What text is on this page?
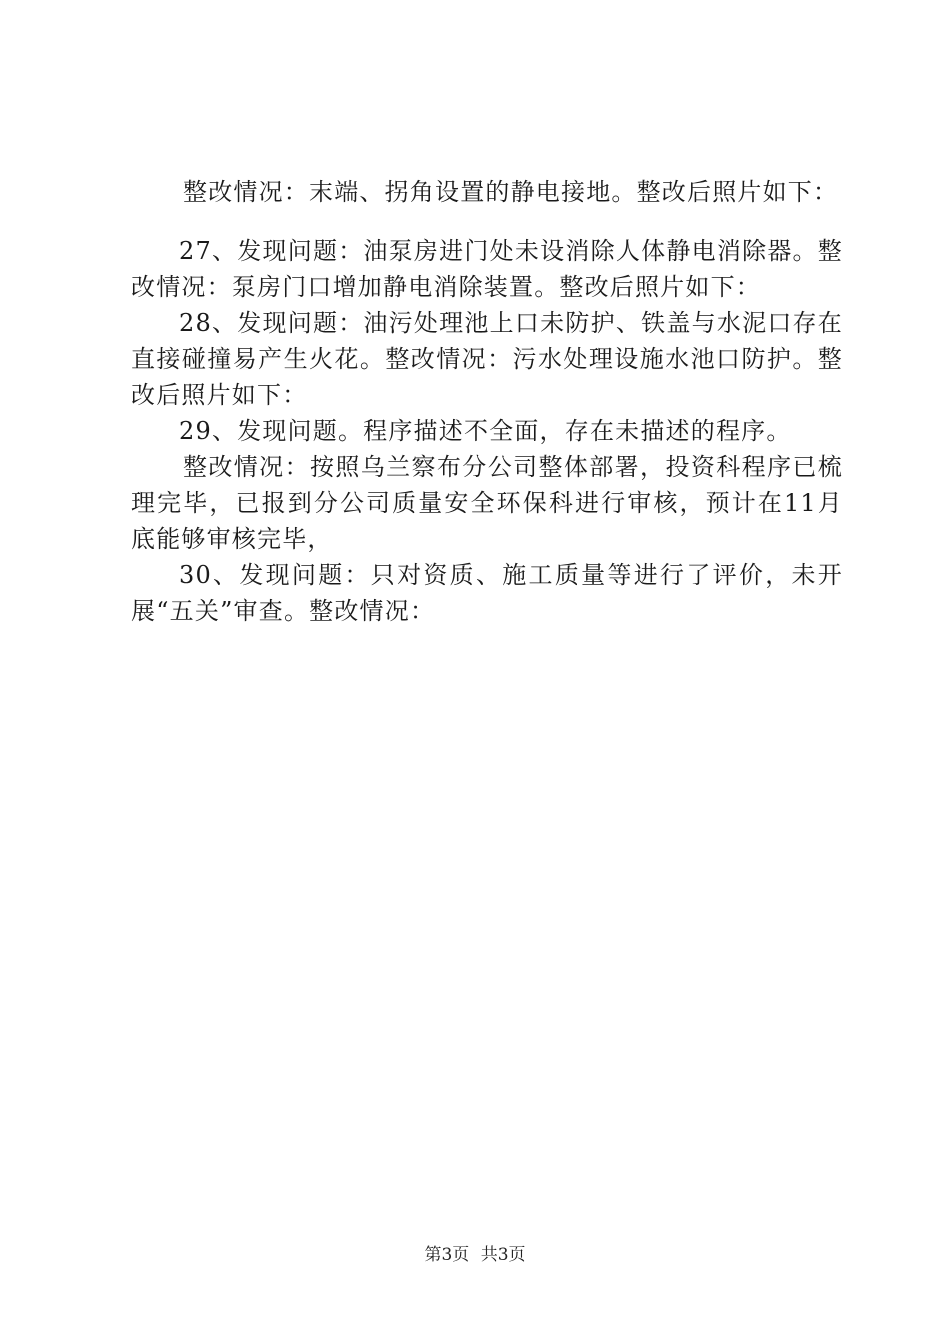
整改情况：末端、拐角设置的静电接地。整改后照片如下：

27、发现问题：油泵房进门处未设消除人体静电消除器。整改情况：泵房门口增加静电消除装置。整改后照片如下：

28、发现问题：油污处理池上口未防护、铁盖与水泥口存在直接碰撞易产生火花。整改情况：污水处理设施水池口防护。整改后照片如下：

29、发现问题。程序描述不全面，存在未描述的程序。

整改情况：按照乌兰察布分公司整体部署，投资科程序已梳理完毕，已报到分公司质量安全环保科进行审核，预计在11月底能够审核完毕，

30、发现问题：只对资质、施工质量等进行了评价，未开展“五关”审查。整改情况：

第3页 共3页
